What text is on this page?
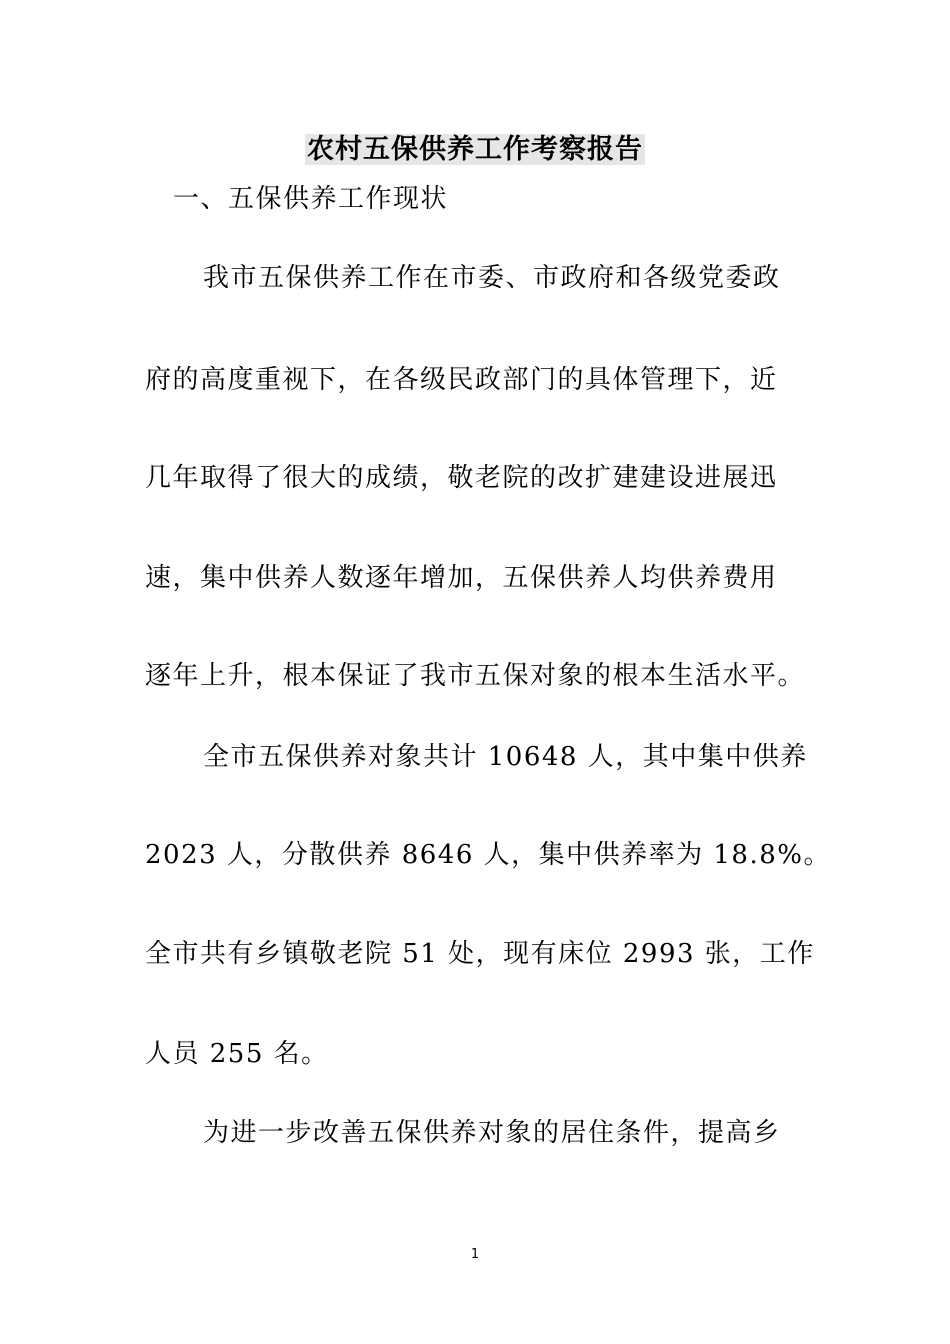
农村五保供养工作考察报告
一、五保供养工作现状
我市五保供养工作在市委、市政府和各级党委政
府的高度重视下，在各级民政部门的具体管理下，近
几年取得了很大的成绩，敬老院的改扩建建设进展迅
速，集中供养人数逐年增加，五保供养人均供养费用
逐年上升，根本保证了我市五保对象的根本生活水平。
全市五保供养对象共计 10648 人，其中集中供养
2023 人，分散供养 8646 人，集中供养率为 18.8%。
全市共有乡镇敬老院 51 处，现有床位 2993 张，工作
人员 255 名。
为进一步改善五保供养对象的居住条件，提高乡
1
